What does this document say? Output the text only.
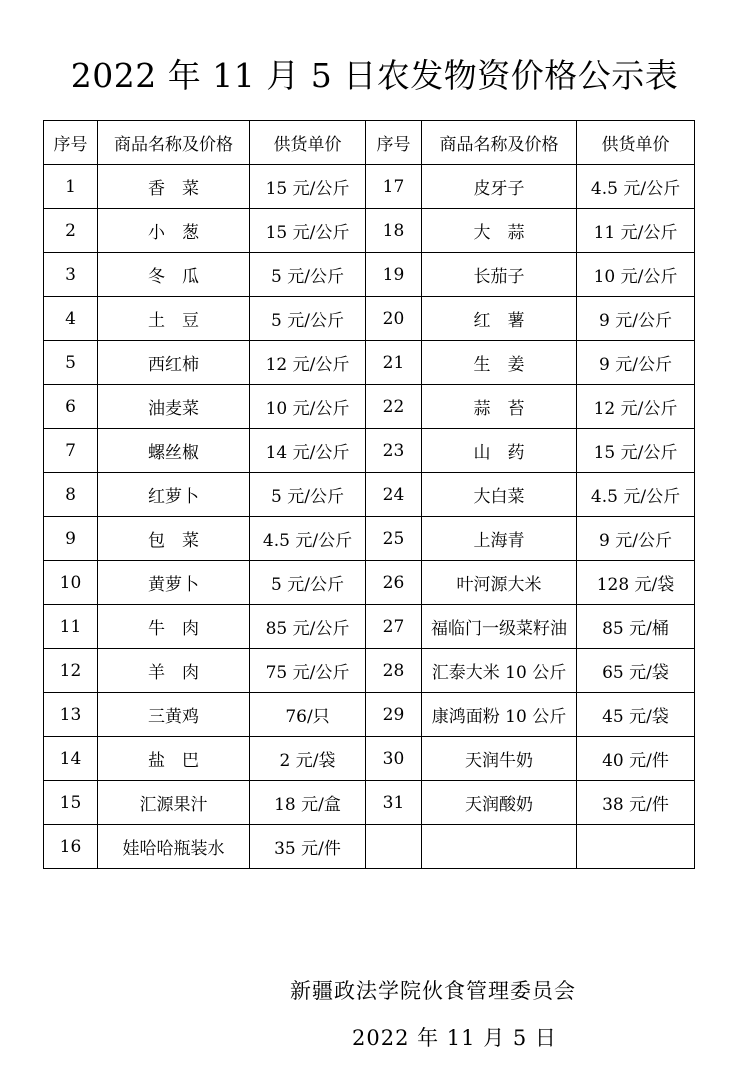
2022 年 11 月 5 日农发物资价格公示表
序号	商品名称及价格	供货单价	序号	商品名称及价格	供货单价
1	香　菜	15 元/公斤	17	皮牙子	4.5 元/公斤
2	小　葱	15 元/公斤	18	大　蒜	11 元/公斤
3	冬　瓜	5 元/公斤	19	长茄子	10 元/公斤
4	土　豆	5 元/公斤	20	红　薯	9 元/公斤
5	西红柿	12 元/公斤	21	生　姜	9 元/公斤
6	油麦菜	10 元/公斤	22	蒜　苔	12 元/公斤
7	螺丝椒	14 元/公斤	23	山　药	15 元/公斤
8	红萝卜	5 元/公斤	24	大白菜	4.5 元/公斤
9	包　菜	4.5 元/公斤	25	上海青	9 元/公斤
10	黄萝卜	5 元/公斤	26	叶河源大米	128 元/袋
11	牛　肉	85 元/公斤	27	福临门一级菜籽油	85 元/桶
12	羊　肉	75 元/公斤	28	汇泰大米 10 公斤	65 元/袋
13	三黄鸡	76/只	29	康鸿面粉 10 公斤	45 元/袋
14	盐　巴	2 元/袋	30	天润牛奶	40 元/件
15	汇源果汁	18 元/盒	31	天润酸奶	38 元/件
16	娃哈哈瓶装水	35 元/件			
新疆政法学院伙食管理委员会
2022 年 11 月 5 日
